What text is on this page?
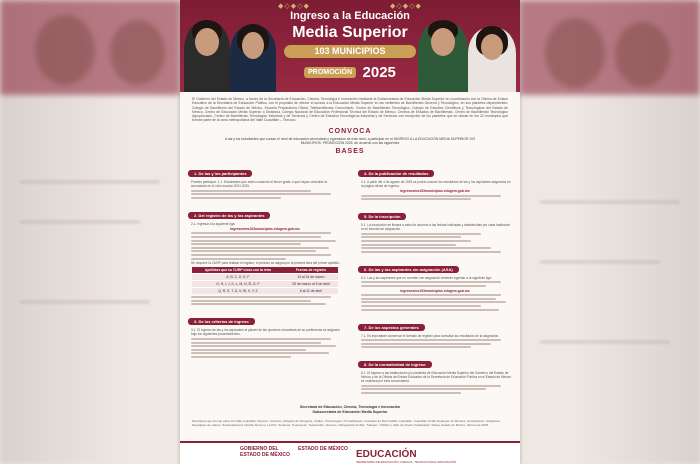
◆◇◆◇◆	◆◇◆◇◆
Ingreso a la Educación
Media Superior
103 MUNICIPIOS
PROMOCIÓN 2025
El Gobierno del Estado de México, a través de la Secretaría de Educación, Ciencia, Tecnología e Innovación mediante la Subsecretaría de Educación Media Superior en coordinación con la Oficina de Enlace Educativo de la Secretaría de Educación Pública, con el propósito de ofrecer el acceso a la Educación Media Superior en las vertientes de Bachillerato General y Tecnológico, en sus planteles dependientes: Colegio de Bachilleres del Estado de México, Escuela Preparatoria Oficial, Telebachillerato Comunitario, Centro de Bachillerato Tecnológico, Colegio de Estudios Científicos y Tecnológicos del Estado de México, Centro de Educación Media Superior a Distancia, Colegio Nacional de Educación Profesional Técnica del Estado de México, Centros de Estudios de Bachillerato, Centro de Bachillerato Tecnológico Agropecuario, Centro de Bachillerato Tecnológico Industrial y de Servicios y Centro de Estudios Tecnológicos Industrial y de Servicios con excepción de los planteles que se ubican en los 22 municipios que forman parte de la zona metropolitana del Valle Cuautitlán – Texcoco.
CONVOCA
A las y los estudiantes que cursan el nivel de educación secundaria y egresados de este nivel, a participar en el INGRESO A LA EDUCACIÓN MEDIA SUPERIOR 103 MUNICIPIOS. PROMOCIÓN 2025, de acuerdo con las siguientes
BASES
1. De las y los participantes
Pueden participar: 1.1. Estudiantes que estén cursando el tercer grado o que hayan concluido la secundaria en el ciclo escolar 2024-2025.
2. Del registro de las y los aspirantes
2.1. Ingresar a la siguiente liga:
ingresoems103municipios.edugem.gob.mx
Se requiere la CURP para realizar el registro; el periodo se asigna por la primera letra del primer apellido.
Apellidos que su CURP inicia con la letra	Fechas de registro
A, B, C, D, E, F	14 al 24 de marzo
G, H, I, J, K, L, M, N, Ñ, O, P	25 de marzo al 5 de abril
Q, R, S, T, U, V, W, X, Y, Z	6 al 11 de abril
3. De los criterios de ingreso
3.1. El ingreso de las y los aspirantes al plantel de las opciones educativas de su preferencia se asignará bajo los siguientes procedimientos.
4. De la publicación de resultados
4.1. A partir del 4 de agosto de 2025 se podrá conocer los resultados de las y los aspirantes asignados en la página oficial de ingreso:
ingresoems103municipios.edugem.gob.mx
5. De la inscripción
5.1. La inscripción se llevará a cabo de acuerdo a las fechas indicadas y establecidas por cada institución en el formato de asignación.
6. De las y los aspirantes sin asignación (ASA)
6.1. Las y los aspirantes que no cuenten con asignación deberán ingresar a la siguiente liga:
ingresoems103municipios.edugem.gob.mx
7. De los aspectos generales
7.1. Es importante conservar el formato de registro para consultar los resultados de la asignación.
8. De la normatividad de ingreso
8.1. El ingreso a las instituciones y/o planteles de Educación Media Superior del Gobierno del Estado de México y de la Oficina de Enlace Educativo de la Secretaría de Educación Pública en el Estado de México se realizará por esta convocatoria.
Secretaría de Educación, Ciencia, Tecnología e Innovación
Subsecretaría de Educación Media Superior
Municipios que forman parte del Valle Cuautitlán-Texcoco: Acolman, Atizapán de Zaragoza, Chalco, Chicoloapan, Chimalhuacán, Coacalco de Berriozábal, Cuautitlán, Cuautitlán Izcalli, Ecatepec de Morelos, Huixquilucan, Ixtapaluca, Naucalpan de Juárez, Nezahualcóyotl, Nicolás Romero, La Paz, Tecámac, Teoloyucan, Tepotzotlán, Texcoco, Tlalnepantla de Baz, Tultepec, Tultitlán y Valle de Chalco Solidaridad. Toluca, Estado de México, febrero de 2025.
GOBIERNO DEL ESTADO DE MÉXICO
ESTADO DE MÉXICO EDUCACIÓN
SECRETARÍA DE EDUCACIÓN, CIENCIA, TECNOLOGÍA E INNOVACIÓN
